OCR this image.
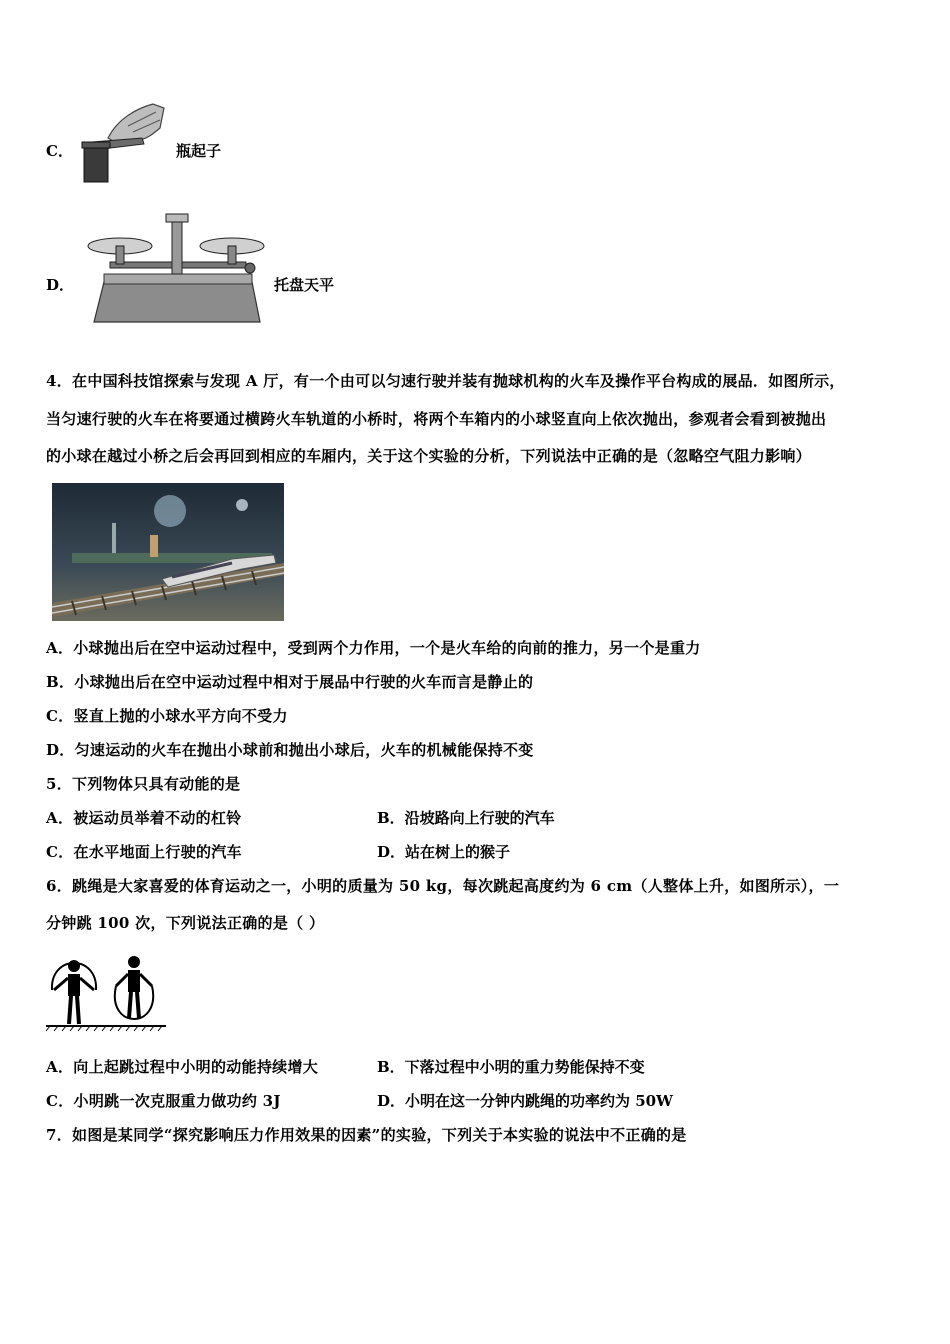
C．	瓶起子
D．	托盘天平
4．在中国科技馆探索与发现 A 厅，有一个由可以匀速行驶并装有抛球机构的火车及操作平台构成的展品．如图所示，
当匀速行驶的火车在将要通过横跨火车轨道的小桥时，将两个车箱内的小球竖直向上依次抛出，参观者会看到被抛出
的小球在越过小桥之后会再回到相应的车厢内，关于这个实验的分析，下列说法中正确的是（忽略空气阻力影响）
A．小球抛出后在空中运动过程中，受到两个力作用，一个是火车给的向前的推力，另一个是重力
B．小球抛出后在空中运动过程中相对于展品中行驶的火车而言是静止的
C．竖直上抛的小球水平方向不受力
D．匀速运动的火车在抛出小球前和抛出小球后，火车的机械能保持不变
5．下列物体只具有动能的是
A．被运动员举着不动的杠铃	B．沿坡路向上行驶的汽车
C．在水平地面上行驶的汽车	D．站在树上的猴子
6．跳绳是大家喜爱的体育运动之一，小明的质量为 50 kg，每次跳起高度约为 6 cm（人整体上升，如图所示），一
分钟跳 100 次，下列说法正确的是（ ）
A．向上起跳过程中小明的动能持续增大	B．下落过程中小明的重力势能保持不变
C．小明跳一次克服重力做功约 3J	D．小明在这一分钟内跳绳的功率约为 50W
7．如图是某同学“探究影响压力作用效果的因素”的实验，下列关于本实验的说法中不正确的是
